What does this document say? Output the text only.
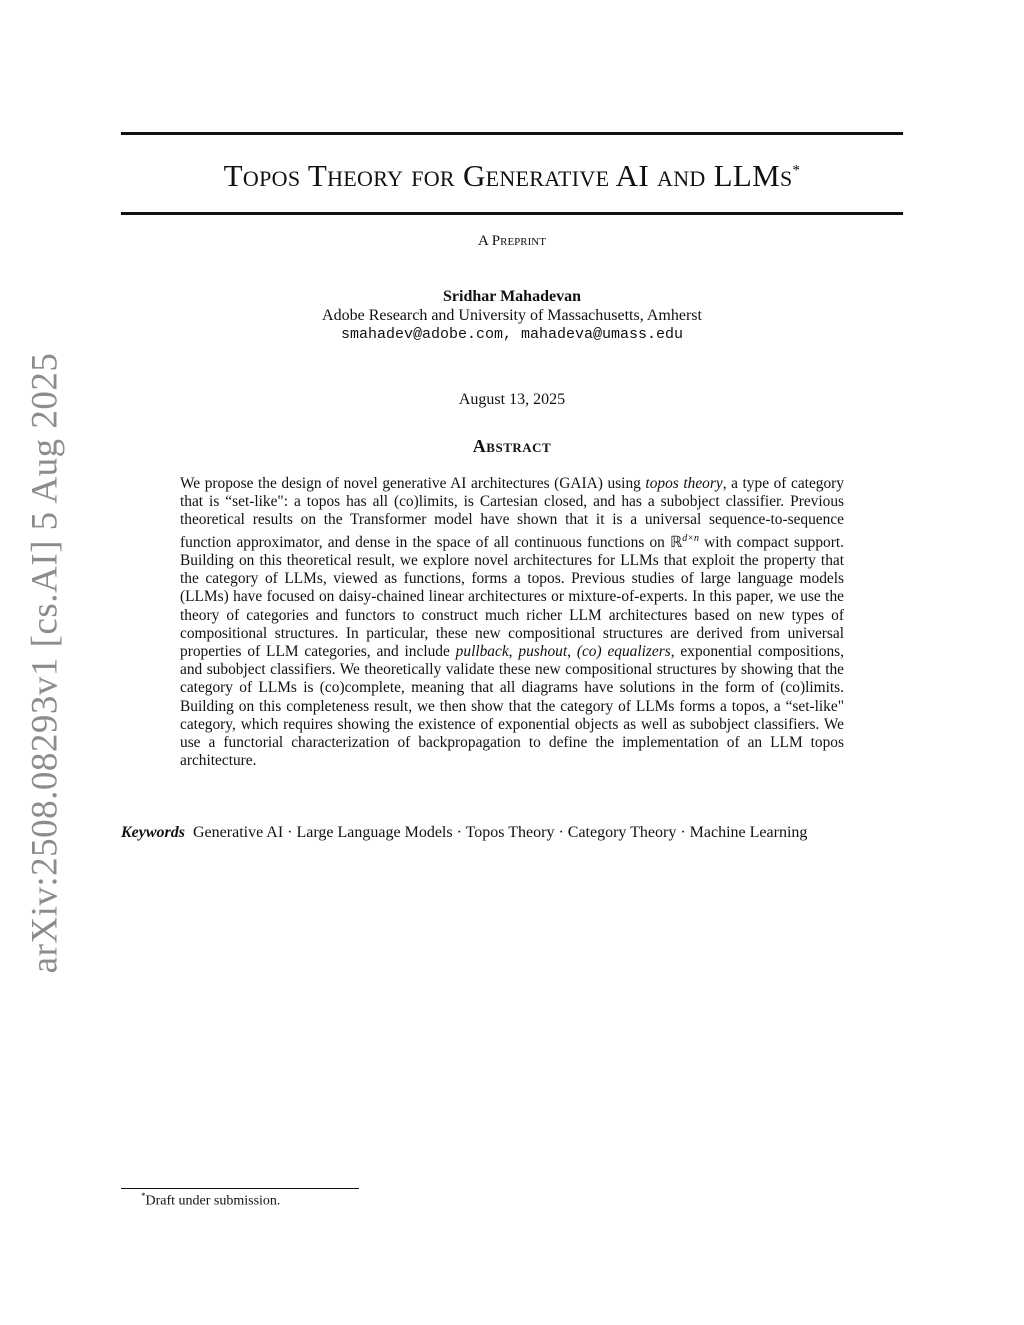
arXiv:2508.08293v1 [cs.AI] 5 Aug 2025
Topos Theory for Generative AI and LLMs*
A Preprint
Sridhar Mahadevan
Adobe Research and University of Massachusetts, Amherst
smahadev@adobe.com, mahadeva@umass.edu
August 13, 2025
Abstract

We propose the design of novel generative AI architectures (GAIA) using topos theory, a type of category that is “set-like": a topos has all (co)limits, is Cartesian closed, and has a subobject classifier. Previous theoretical results on the Transformer model have shown that it is a universal sequence-to-sequence function approximator, and dense in the space of all continuous functions on ℝ$^{d\times n}$ with compact support. Building on this theoretical result, we explore novel architectures for LLMs that exploit the property that the category of LLMs, viewed as functions, forms a topos. Previous studies of large language models (LLMs) have focused on daisy-chained linear architectures or mixture-of-experts. In this paper, we use the theory of categories and functors to construct much richer LLM architectures based on new types of compositional structures. In particular, these new compositional structures are derived from universal properties of LLM categories, and include pullback, pushout, (co) equalizers, exponential compositions, and subobject classifiers. We theoretically validate these new compositional structures by showing that the category of LLMs is (co)complete, meaning that all diagrams have solutions in the form of (co)limits. Building on this completeness result, we then show that the category of LLMs forms a topos, a “set-like" category, which requires showing the existence of exponential objects as well as subobject classifiers. We use a functorial characterization of backpropagation to define the implementation of an LLM topos architecture.

Keywords Generative AI · Large Language Models · Topos Theory · Category Theory · Machine Learning
*Draft under submission.
